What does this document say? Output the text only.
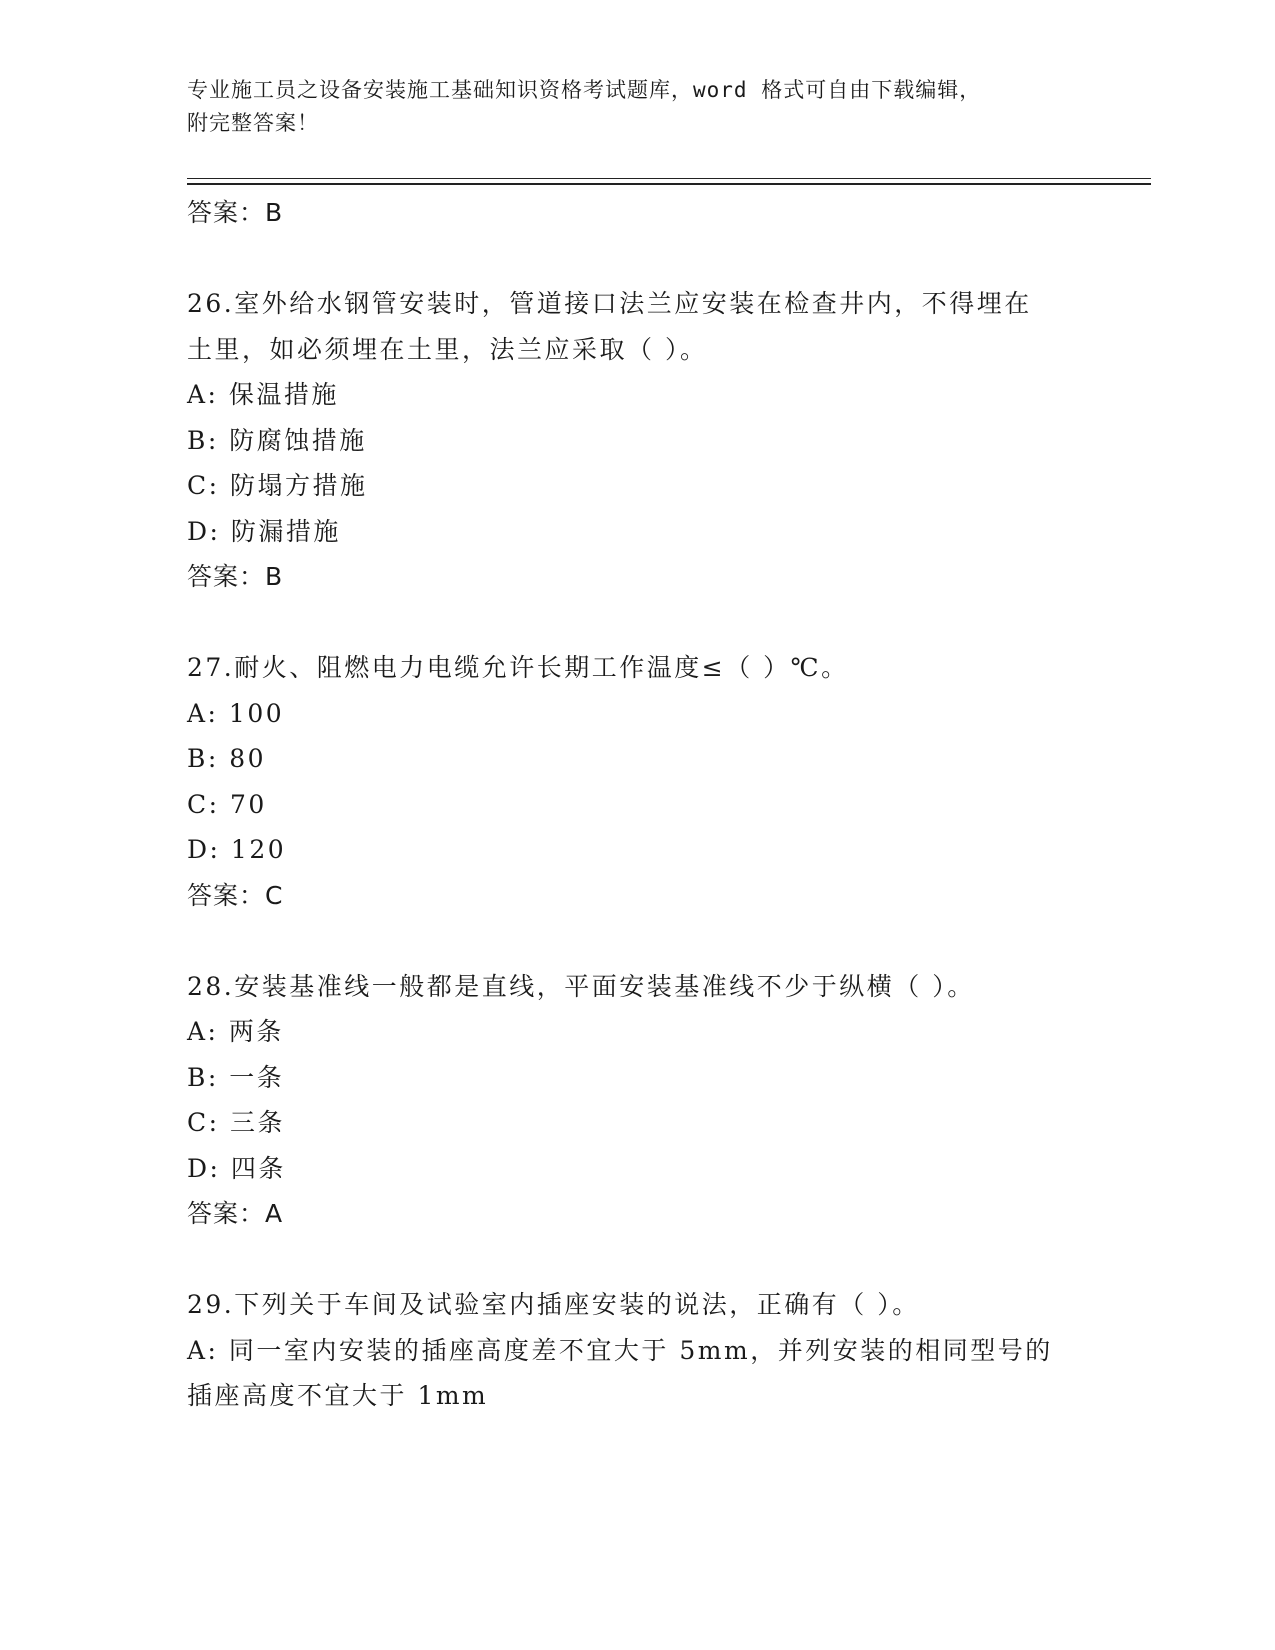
专业施工员之设备安装施工基础知识资格考试题库，word 格式可自由下载编辑，
附完整答案！
答案：B
26.室外给水钢管安装时，管道接口法兰应安装在检查井内，不得埋在
土里，如必须埋在土里，法兰应采取（ ）。
A: 保温措施
B: 防腐蚀措施
C: 防塌方措施
D: 防漏措施
答案：B
27.耐火、阻燃电力电缆允许长期工作温度≤（ ）℃。
A: 100
B: 80
C: 70
D: 120
答案：C
28.安装基准线一般都是直线，平面安装基准线不少于纵横（ ）。
A: 两条
B: 一条
C: 三条
D: 四条
答案：A
29.下列关于车间及试验室内插座安装的说法，正确有（ ）。
A: 同一室内安装的插座高度差不宜大于 5mm，并列安装的相同型号的
插座高度不宜大于 1mm
